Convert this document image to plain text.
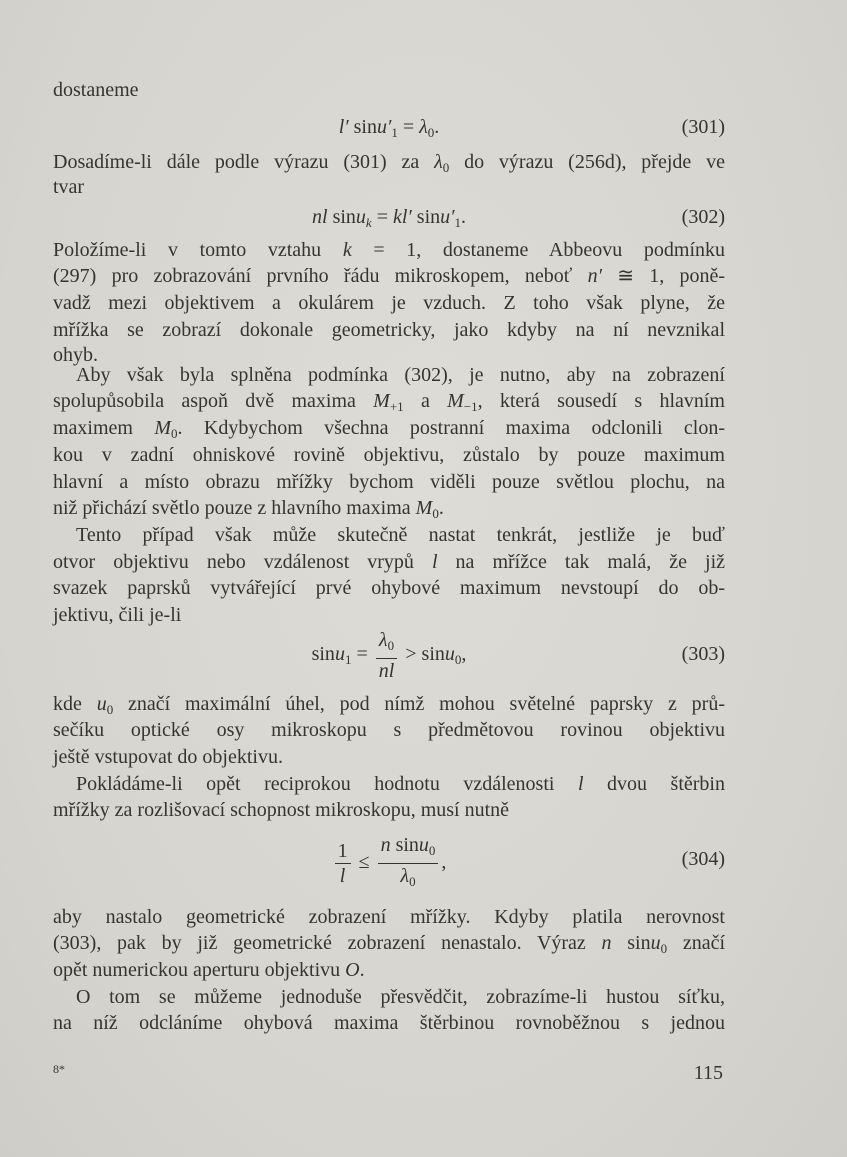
dostaneme
Dosadíme-li dále podle výrazu (301) za $\lambda_0$ do výrazu (256d), přejde ve
tvar
Položíme-li v tomto vztahu k = 1, dostaneme Abbeovu podmínku
(297) pro zobrazování prvního řádu mikroskopem, neboť n′ ≅ 1, poně-
vadž mezi objektivem a okulárem je vzduch. Z toho však plyne, že
mřížka se zobrazí dokonale geometricky, jako kdyby na ní nevznikal
ohyb.
Aby však byla splněna podmínka (302), je nutno, aby na zobrazení
spolupůsobila aspoň dvě maxima $M_{+1}$ a $M_{-1}$, která sousedí s hlavním
maximem $M_0$. Kdybychom všechna postranní maxima odclonili clon-
kou v zadní ohniskové rovině objektivu, zůstalo by pouze maximum
hlavní a místo obrazu mřížky bychom viděli pouze světlou plochu, na
niž přichází světlo pouze z hlavního maxima $M_0$.
Tento případ však může skutečně nastat tenkrát, jestliže je buď
otvor objektivu nebo vzdálenost vrypů l na mřížce tak malá, že již
svazek paprsků vytvářející prvé ohybové maximum nevstoupí do ob-
jektivu, čili je-li
kde $u_0$ značí maximální úhel, pod nímž mohou světelné paprsky z prů-
sečíku optické osy mikroskopu s předmětovou rovinou objektivu
ještě vstupovat do objektivu.
Pokládáme-li opět reciprokou hodnotu vzdálenosti l dvou štěrbin
mřížky za rozlišovací schopnost mikroskopu, musí nutně
aby nastalo geometrické zobrazení mřížky. Kdyby platila nerovnost
(303), pak by již geometrické zobrazení nenastalo. Výraz n sinu$_0$ značí
opět numerickou aperturu objektivu O.
O tom se můžeme jednoduše přesvědčit, zobrazíme-li hustou síťku,
na níž odcláníme ohybová maxima štěrbinou rovnoběžnou s jednou
l′ $\sin u'_1 = \lambda_0$.	(301)
nl sinu$_k$ = kl′ $\sin u'_1$.	(302)
$\sin u_1 = \frac{\lambda_0}{nl} > \sin u_0$,	(303)
$\frac{1}{l} \le \frac{n \sin u_0}{\lambda_0}$ ,	(304)
8*	115
